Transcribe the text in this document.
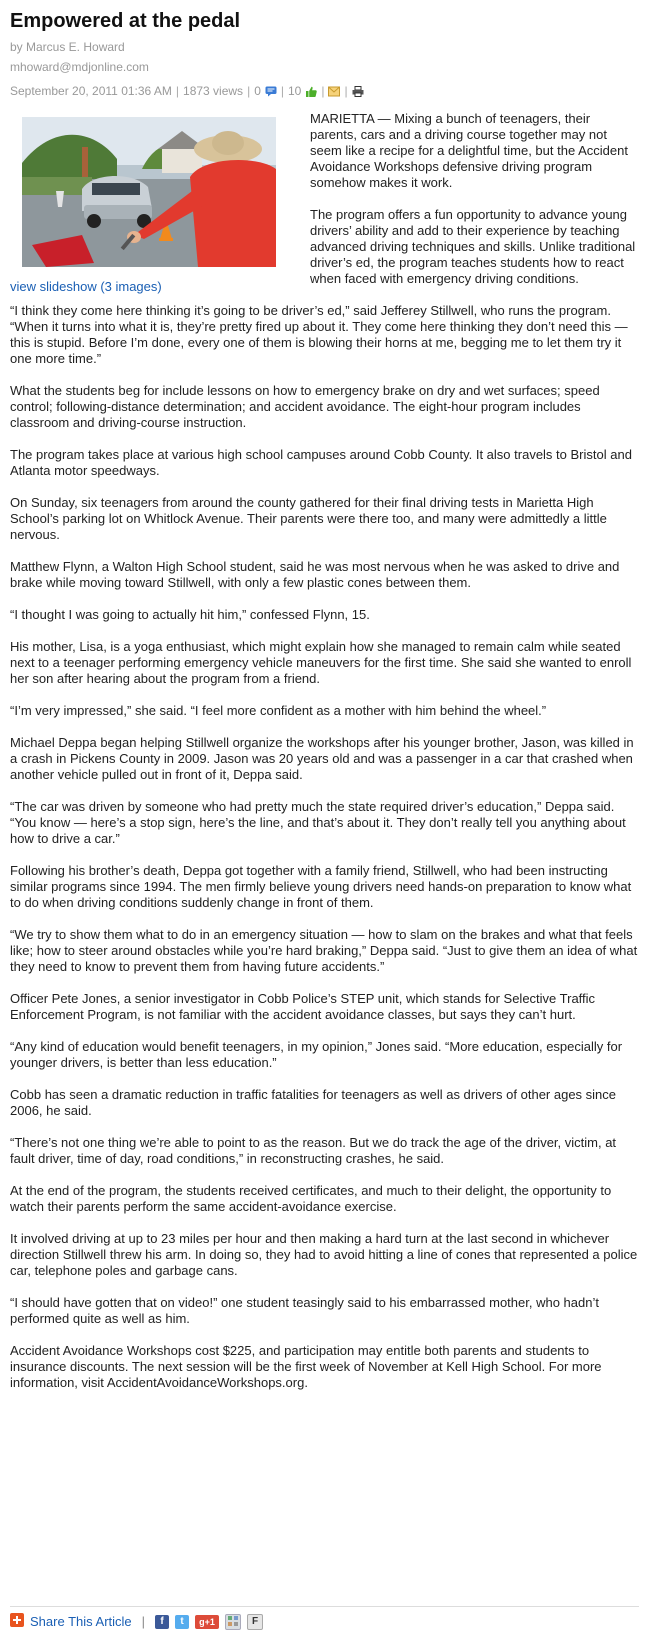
Empowered at the pedal
by Marcus E. Howard
mhoward@mdjonline.com
September 20, 2011 01:36 AM | 1873 views | 0 | 10 | |
view slideshow (3 images)

MARIETTA — Mixing a bunch of teenagers, their parents, cars and a driving course together may not seem like a recipe for a delightful time, but the Accident Avoidance Workshops defensive driving program somehow makes it work.

The program offers a fun opportunity to advance young drivers’ ability and add to their experience by teaching advanced driving techniques and skills. Unlike traditional driver’s ed, the program teaches students how to react when faced with emergency driving conditions.

“I think they come here thinking it’s going to be driver’s ed,” said Jefferey Stillwell, who runs the program. “When it turns into what it is, they’re pretty fired up about it. They come here thinking they don’t need this — this is stupid. Before I’m done, every one of them is blowing their horns at me, begging me to let them try it one more time.”

What the students beg for include lessons on how to emergency brake on dry and wet surfaces; speed control; following-distance determination; and accident avoidance. The eight-hour program includes classroom and driving-course instruction.

The program takes place at various high school campuses around Cobb County. It also travels to Bristol and Atlanta motor speedways.

On Sunday, six teenagers from around the county gathered for their final driving tests in Marietta High School’s parking lot on Whitlock Avenue. Their parents were there too, and many were admittedly a little nervous.

Matthew Flynn, a Walton High School student, said he was most nervous when he was asked to drive and brake while moving toward Stillwell, with only a few plastic cones between them.

“I thought I was going to actually hit him,” confessed Flynn, 15.

His mother, Lisa, is a yoga enthusiast, which might explain how she managed to remain calm while seated next to a teenager performing emergency vehicle maneuvers for the first time. She said she wanted to enroll her son after hearing about the program from a friend.

“I’m very impressed,” she said. “I feel more confident as a mother with him behind the wheel.”

Michael Deppa began helping Stillwell organize the workshops after his younger brother, Jason, was killed in a crash in Pickens County in 2009. Jason was 20 years old and was a passenger in a car that crashed when another vehicle pulled out in front of it, Deppa said.

“The car was driven by someone who had pretty much the state required driver’s education,” Deppa said. “You know — here’s a stop sign, here’s the line, and that’s about it. They don’t really tell you anything about how to drive a car.”

Following his brother’s death, Deppa got together with a family friend, Stillwell, who had been instructing similar programs since 1994. The men firmly believe young drivers need hands-on preparation to know what to do when driving conditions suddenly change in front of them.

“We try to show them what to do in an emergency situation — how to slam on the brakes and what that feels like; how to steer around obstacles while you’re hard braking,” Deppa said. “Just to give them an idea of what they need to know to prevent them from having future accidents.”

Officer Pete Jones, a senior investigator in Cobb Police’s STEP unit, which stands for Selective Traffic Enforcement Program, is not familiar with the accident avoidance classes, but says they can’t hurt.

“Any kind of education would benefit teenagers, in my opinion,” Jones said. “More education, especially for younger drivers, is better than less education.”

Cobb has seen a dramatic reduction in traffic fatalities for teenagers as well as drivers of other ages since 2006, he said.

“There’s not one thing we’re able to point to as the reason. But we do track the age of the driver, victim, at fault driver, time of day, road conditions,” in reconstructing crashes, he said.

At the end of the program, the students received certificates, and much to their delight, the opportunity to watch their parents perform the same accident-avoidance exercise.

It involved driving at up to 23 miles per hour and then making a hard turn at the last second in whichever direction Stillwell threw his arm. In doing so, they had to avoid hitting a line of cones that represented a police car, telephone poles and garbage cans.

“I should have gotten that on video!” one student teasingly said to his embarrassed mother, who hadn’t performed quite as well as him.

Accident Avoidance Workshops cost $225, and participation may entitle both parents and students to insurance discounts. The next session will be the first week of November at Kell High School. For more information, visit AccidentAvoidanceWorkshops.org.

Share This Article |	f	t	g+1	F
